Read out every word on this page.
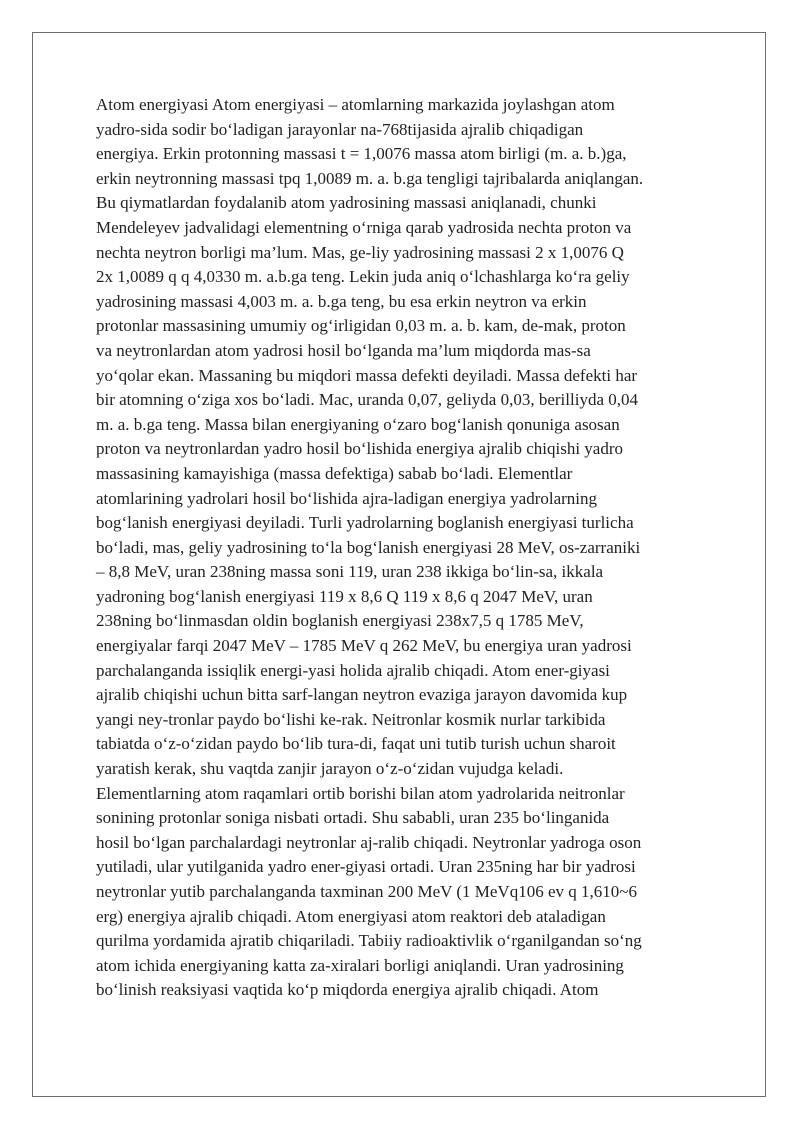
Atom energiyasi Atom energiyasi – atomlarning markazida joylashgan atom
yadro-sida sodir bo‘ladigan jarayonlar na-768tijasida ajralib chiqadigan
energiya. Erkin protonning massasi t = 1,0076 massa atom birligi (m. a. b.)ga,
erkin neytronning massasi tpq 1,0089 m. a. b.ga tengligi tajribalarda aniqlangan.
Bu qiymatlardan foydalanib atom yadrosining massasi aniqlanadi, chunki
Mendeleyev jadvalidagi elementning o‘rniga qarab yadrosida nechta proton va
nechta neytron borligi ma’lum. Mas, ge-liy yadrosining massasi 2 x 1,0076 Q
2x 1,0089 q q 4,0330 m. a.b.ga teng. Lekin juda aniq o‘lchashlarga ko‘ra geliy
yadrosining massasi 4,003 m. a. b.ga teng, bu esa erkin neytron va erkin
protonlar massasining umumiy og‘irligidan 0,03 m. a. b. kam, de-mak, proton
va neytronlardan atom yadrosi hosil bo‘lganda ma’lum miqdorda mas-sa
yo‘qolar ekan. Massaning bu miqdori massa defekti deyiladi. Massa defekti har
bir atomning o‘ziga xos bo‘ladi. Mac, uranda 0,07, geliyda 0,03, berilliyda 0,04
m. a. b.ga teng. Massa bilan energiyaning o‘zaro bog‘lanish qonuniga asosan
proton va neytronlardan yadro hosil bo‘lishida energiya ajralib chiqishi yadro
massasining kamayishiga (massa defektiga) sabab bo‘ladi. Elementlar
atomlarining yadrolari hosil bo‘lishida ajra-ladigan energiya yadrolarning
bog‘lanish energiyasi deyiladi. Turli yadrolarning boglanish energiyasi turlicha
bo‘ladi, mas, geliy yadrosining to‘la bog‘lanish energiyasi 28 MeV, os-zarraniki
– 8,8 MeV, uran 238ning massa soni 119, uran 238 ikkiga bo‘lin-sa, ikkala
yadroning bog‘lanish energiyasi 119 x 8,6 Q 119 x 8,6 q 2047 MeV, uran
238ning bo‘linmasdan oldin boglanish energiyasi 238x7,5 q 1785 MeV,
energiyalar farqi 2047 MeV – 1785 MeV q 262 MeV, bu energiya uran yadrosi
parchalanganda issiqlik energi-yasi holida ajralib chiqadi. Atom ener-giyasi
ajralib chiqishi uchun bitta sarf-langan neytron evaziga jarayon davomida kup
yangi ney-tronlar paydo bo‘lishi ke-rak. Neitronlar kosmik nurlar tarkibida
tabiatda o‘z-o‘zidan paydo bo‘lib tura-di, faqat uni tutib turish uchun sharoit
yaratish kerak, shu vaqtda zanjir jarayon o‘z-o‘zidan vujudga keladi.
Elementlarning atom raqamlari ortib borishi bilan atom yadrolarida neitronlar
sonining protonlar soniga nisbati ortadi. Shu sababli, uran 235 bo‘linganida
hosil bo‘lgan parchalardagi neytronlar aj-ralib chiqadi. Neytronlar yadroga oson
yutiladi, ular yutilganida yadro ener-giyasi ortadi. Uran 235ning har bir yadrosi
neytronlar yutib parchalanganda taxminan 200 MeV (1 MeVq106 ev q 1,610~6
erg) energiya ajralib chiqadi. Atom energiyasi atom reaktori deb ataladigan
qurilma yordamida ajratib chiqariladi. Tabiiy radioaktivlik o‘rganilgandan so‘ng
atom ichida energiyaning katta za-xiralari borligi aniqlandi. Uran yadrosining
bo‘linish reaksiyasi vaqtida ko‘p miqdorda energiya ajralib chiqadi. Atom
